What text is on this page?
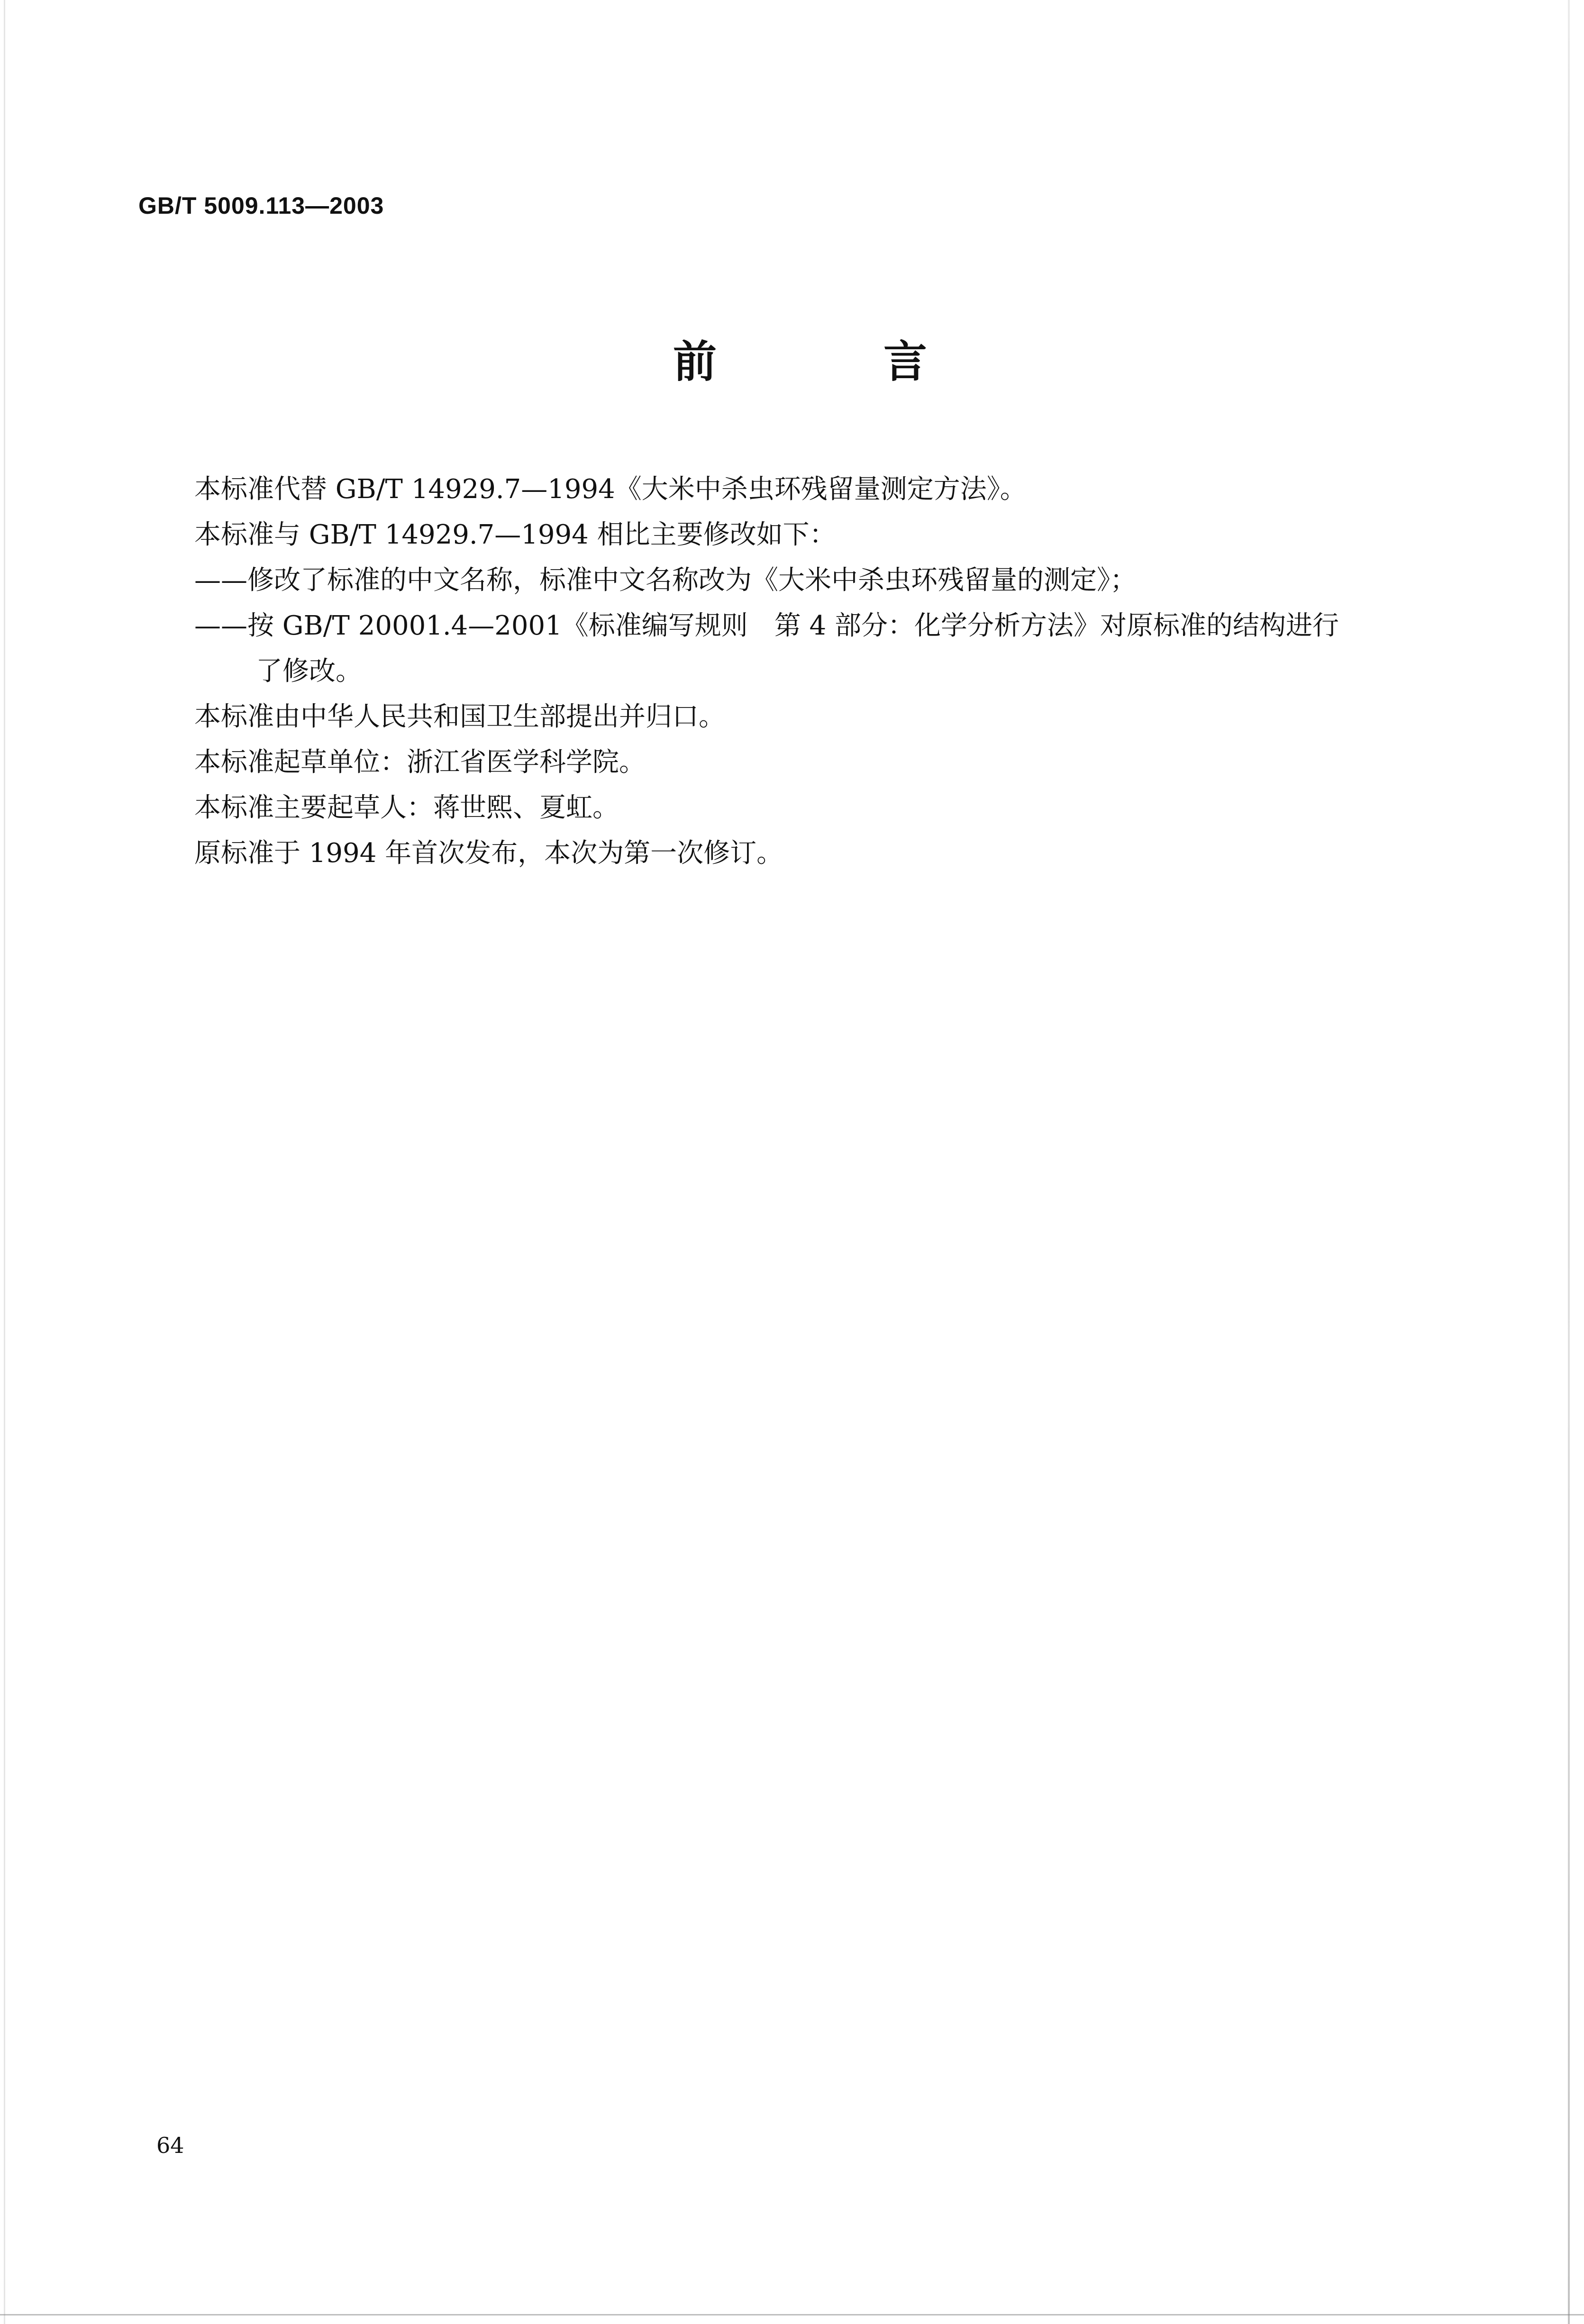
GB/T 5009.113—2003
前 言

本标准代替 GB/T 14929.7—1994《大米中杀虫环残留量测定方法》。

本标准与 GB/T 14929.7—1994 相比主要修改如下：

——修改了标准的中文名称，标准中文名称改为《大米中杀虫环残留量的测定》；

——按 GB/T 20001.4—2001《标准编写规则　第 4 部分：化学分析方法》对原标准的结构进行

了修改。

本标准由中华人民共和国卫生部提出并归口。

本标准起草单位：浙江省医学科学院。

本标准主要起草人：蒋世熙、夏虹。

原标准于 1994 年首次发布，本次为第一次修订。

64
